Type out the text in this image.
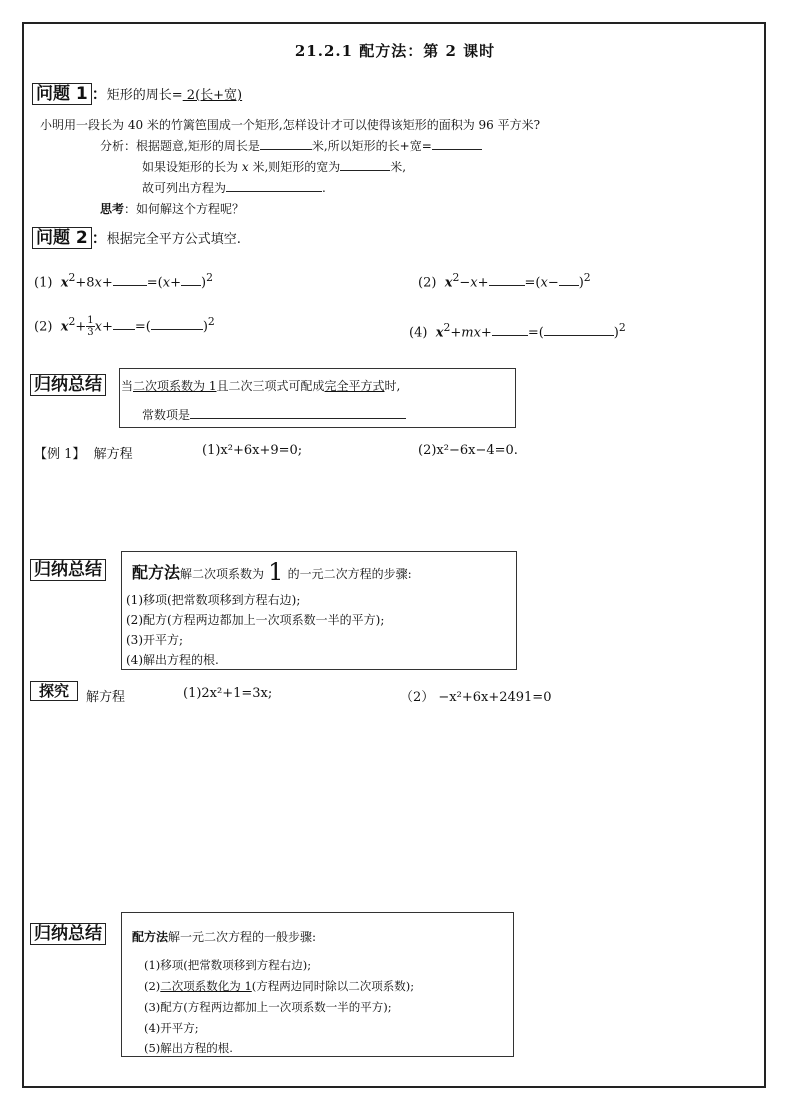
21.2.1 配方法：第 2 课时
问题 1 ：矩形的周长= 2(长+宽)
小明用一段长为 40 米的竹篱笆围成一个矩形,怎样设计才可以使得该矩形的面积为 96 平方米?
分析：根据题意,矩形的周长是	米,所以矩形的长+宽=
如果设矩形的长为 x 米,则矩形的宽为	米,
故可列出方程为	.
思考：如何解这个方程呢？
问题 2 ：根据完全平方公式填空.
(1) $x^2+8x+$	$=(x+ )^2$	(2) $x^2-x+$	$=(x- )^2$
(2) $x^2+ \frac{1}{3} x+$ =(	)$^2$
(4) $x^2+mx+$	=(	)$^2$
归纳总结	当二次项系数为 1且二次三项式可配成完全平方式时,
常数项是
【例 1】 解方程	(1)x²+6x+9=0;	(2)x²−6x−4=0.
归纳总结 配方法解二次项系数为 1 的一元二次方程的步骤:
(1)移项(把常数项移到方程右边);
(2)配方(方程两边都加上一次项系数一半的平方);
(3)开平方;
(4)解出方程的根.
探究	解方程	(1)2x²+1=3x;	（2） −x²+6x+2491=0
归纳总结	配方法解一元二次方程的一般步骤:
(1)移项(把常数项移到方程右边);
(2)二次项系数化为 1(方程两边同时除以二次项系数);
(3)配方(方程两边都加上一次项系数一半的平方);
(4)开平方;
(5)解出方程的根.
